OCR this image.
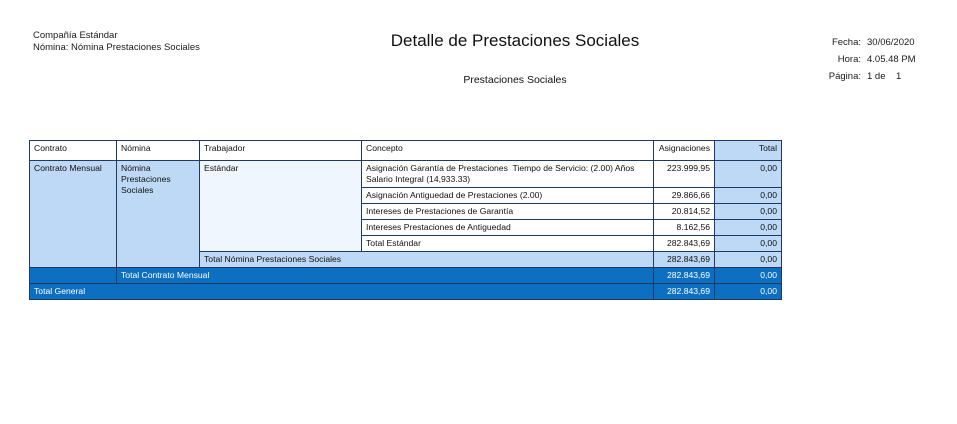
Compañía Estándar
Nómina: Nómina Prestaciones Sociales	Detalle de Prestaciones Sociales
Prestaciones Sociales
Fecha: 30/06/2020
Hora: 4.05.48 PM
Página: 1 de    1
Contrato	Nómina	Trabajador	Concepto	Asignaciones	Total
Contrato Mensual	Nómina Prestaciones Sociales	Estándar	Asignación Garantía de Prestaciones  Tiempo de Servicio: (2.00) Años
Salario Integral (14,933.33)	223.999,95	0,00

			Asignación Antiguedad de Prestaciones (2.00)	29.866,66	0,00

			Intereses de Prestaciones de Garantía	20.814,52	0,00

			Intereses Prestaciones de Antiguedad	8.162,56	0,00

			Total Estándar	282.843,69	0,00
		Total Nómina Prestaciones Sociales		282.843,69	0,00
	Total Contrato Mensual			282.843,69	0,00
Total General				282.843,69	0,00
